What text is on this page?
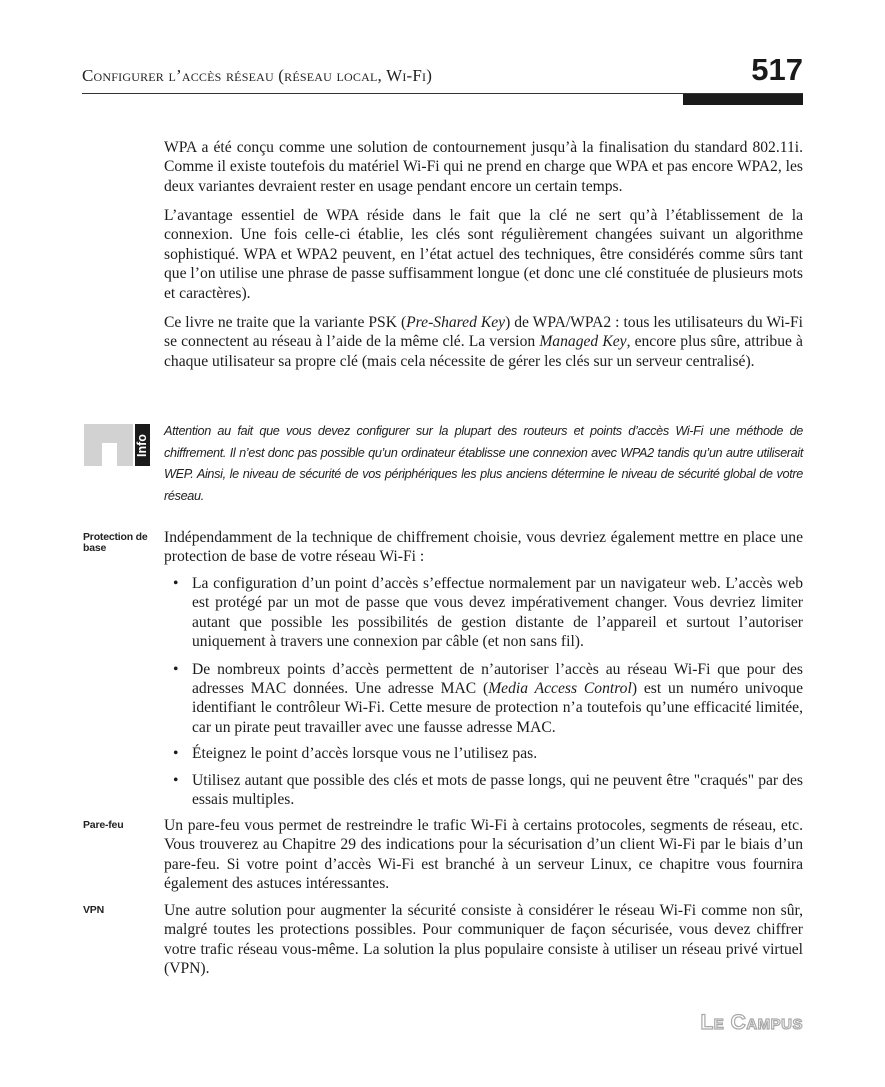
Configurer l’accès réseau (réseau local, Wi-Fi)	517

WPA a été conçu comme une solution de contournement jusqu’à la finalisation du standard 802.11i. Comme il existe toutefois du matériel Wi-Fi qui ne prend en charge que WPA et pas encore WPA2, les deux variantes devraient rester en usage pendant encore un certain temps.

L’avantage essentiel de WPA réside dans le fait que la clé ne sert qu’à l’établissement de la connexion. Une fois celle-ci établie, les clés sont régulièrement changées suivant un algorithme sophistiqué. WPA et WPA2 peuvent, en l’état actuel des techniques, être considérés comme sûrs tant que l’on utilise une phrase de passe suffisamment longue (et donc une clé constituée de plusieurs mots et caractères).

Ce livre ne traite que la variante PSK (Pre-Shared Key) de WPA/WPA2 : tous les utilisateurs du Wi-Fi se connectent au réseau à l’aide de la même clé. La version Managed Key, encore plus sûre, attribue à chaque utilisateur sa propre clé (mais cela nécessite de gérer les clés sur un serveur centralisé).

Info

Attention au fait que vous devez configurer sur la plupart des routeurs et points d’accès Wi-Fi une méthode de chiffrement. Il n’est donc pas possible qu’un ordinateur établisse une connexion avec WPA2 tandis qu’un autre utiliserait WEP. Ainsi, le niveau de sécurité de vos périphériques les plus anciens détermine le niveau de sécurité global de votre réseau.

Protection de base

Indépendamment de la technique de chiffrement choisie, vous devriez également mettre en place une protection de base de votre réseau Wi-Fi :

• La configuration d’un point d’accès s’effectue normalement par un navigateur web. L’accès web est protégé par un mot de passe que vous devez impérativement changer. Vous devriez limiter autant que possible les possibilités de gestion distante de l’appareil et surtout l’autoriser uniquement à travers une connexion par câble (et non sans fil).
• De nombreux points d’accès permettent de n’autoriser l’accès au réseau Wi-Fi que pour des adresses MAC données. Une adresse MAC (Media Access Control) est un numéro univoque identifiant le contrôleur Wi-Fi. Cette mesure de protection n’a toutefois qu’une efficacité limitée, car un pirate peut travailler avec une fausse adresse MAC.
• Éteignez le point d’accès lorsque vous ne l’utilisez pas.
• Utilisez autant que possible des clés et mots de passe longs, qui ne peuvent être "craqués" par des essais multiples.
Pare-feu	Un pare-feu vous permet de restreindre le trafic Wi-Fi à certains protocoles, segments de réseau, etc. Vous trouverez au Chapitre 29 des indications pour la sécurisation d’un client Wi-Fi par le biais d’un pare-feu. Si votre point d’accès Wi-Fi est branché à un serveur Linux, ce chapitre vous fournira également des astuces intéressantes.

VPN	Une autre solution pour augmenter la sécurité consiste à considérer le réseau Wi-Fi comme non sûr, malgré toutes les protections possibles. Pour communiquer de façon sécurisée, vous devez chiffrer votre trafic réseau vous-même. La solution la plus populaire consiste à utiliser un réseau privé virtuel (VPN).

Le Campus
